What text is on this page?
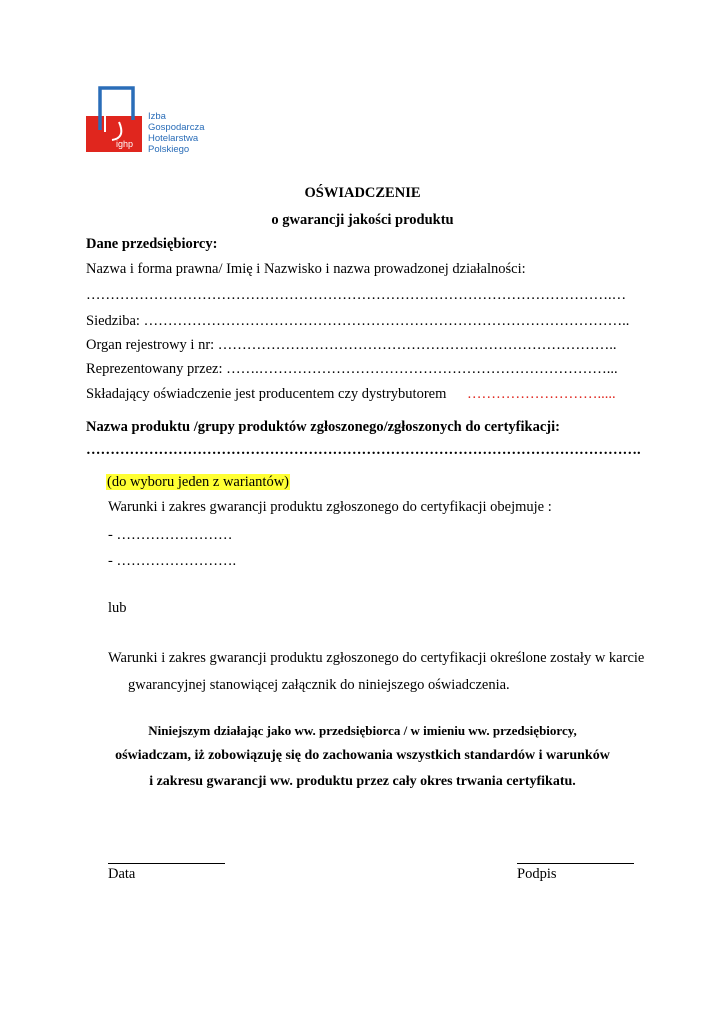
ighp
Izba
Gospodarcza
Hotelarstwa
Polskiego
OŚWIADCZENIE
o gwarancji jakości produktu
Dane przedsiębiorcy:
Nazwa i forma prawna/ Imię i Nazwisko i nazwa prowadzonej działalności:
……………………………………………………………………………………………….…
Siedziba: ………………………………………………………………………………………..
Organ rejestrowy i nr: ………………………………………………………………………..
Reprezentowany przez: …….………………………………………………………………...
Składający oświadczenie jest producentem czy dystrybutorem ……………………….....
Nazwa produktu /grupy produktów zgłoszonego/zgłoszonych do certyfikacji:
…………………………………………………………………………………………………….
(do wyboru jeden z wariantów)
Warunki i zakres gwarancji produktu zgłoszonego do certyfikacji obejmuje :
- ……………………
- …………………….
lub
Warunki i zakres gwarancji produktu zgłoszonego do certyfikacji określone zostały w karcie
gwarancyjnej stanowiącej załącznik do niniejszego oświadczenia.
Niniejszym działając jako ww. przedsiębiorca / w imieniu ww. przedsiębiorcy,
oświadczam, iż zobowiązuję się do zachowania wszystkich standardów i warunków
i zakresu gwarancji ww. produktu przez cały okres trwania certyfikatu.
Data	Podpis
